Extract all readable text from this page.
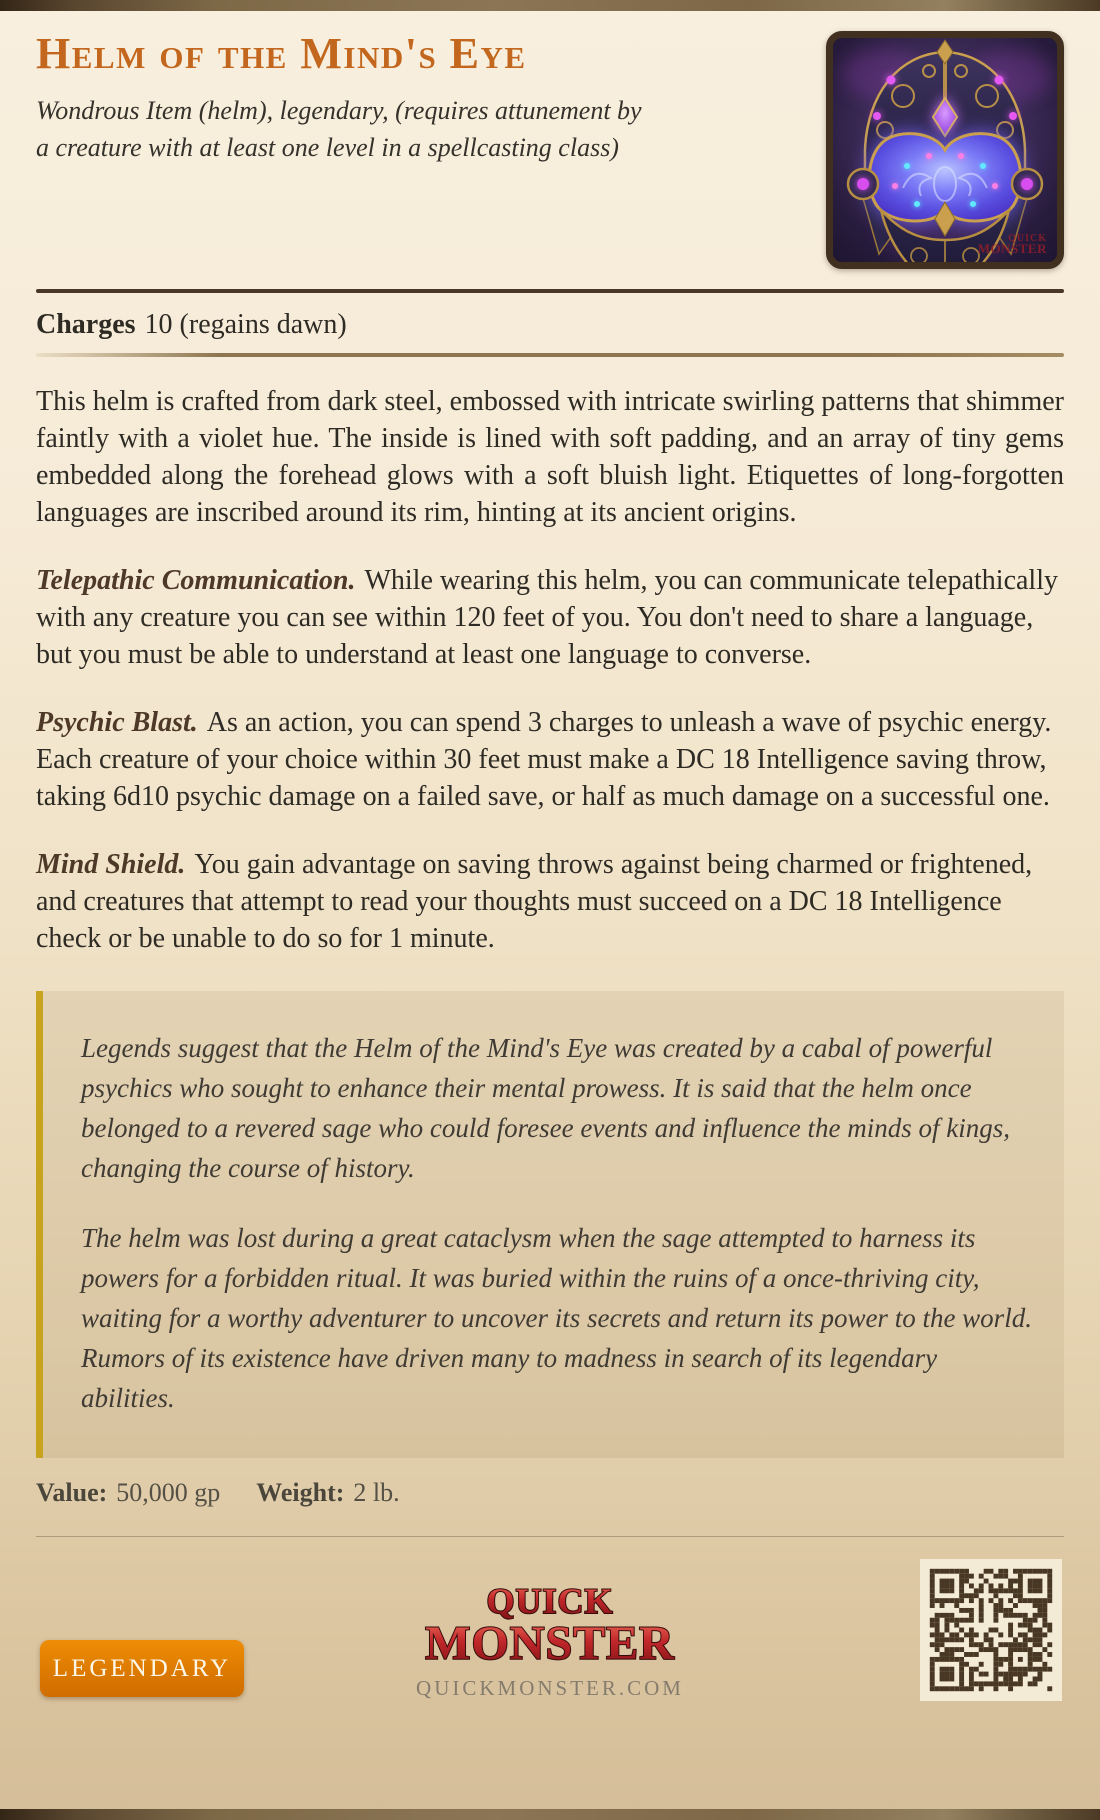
Helm of the Mind's Eye
Wondrous Item (helm), legendary, (requires attunement by a creature with at least one level in a spellcasting class)
QUICK
MONSTER

Charges 10 (regains dawn)

This helm is crafted from dark steel, embossed with intricate swirling patterns that shimmer faintly with a violet hue. The inside is lined with soft padding, and an array of tiny gems embedded along the forehead glows with a soft bluish light. Etiquettes of long-forgotten languages are inscribed around its rim, hinting at its ancient origins.

Telepathic Communication. While wearing this helm, you can communicate telepathically with any creature you can see within 120 feet of you. You don't need to share a language, but you must be able to understand at least one language to converse.

Psychic Blast. As an action, you can spend 3 charges to unleash a wave of psychic energy. Each creature of your choice within 30 feet must make a DC 18 Intelligence saving throw, taking 6d10 psychic damage on a failed save, or half as much damage on a successful one.

Mind Shield. You gain advantage on saving throws against being charmed or frightened, and creatures that attempt to read your thoughts must succeed on a DC 18 Intelligence check or be unable to do so for 1 minute.

Legends suggest that the Helm of the Mind's Eye was created by a cabal of powerful psychics who sought to enhance their mental prowess. It is said that the helm once belonged to a revered sage who could foresee events and influence the minds of kings, changing the course of history.

The helm was lost during a great cataclysm when the sage attempted to harness its powers for a forbidden ritual. It was buried within the ruins of a once-thriving city, waiting for a worthy adventurer to uncover its secrets and return its power to the world. Rumors of its existence have driven many to madness in search of its legendary abilities.

Value: 50,000 gp Weight: 2 lb.
QUICK
MONSTER
QUICKMONSTER.COM
LEGENDARY
